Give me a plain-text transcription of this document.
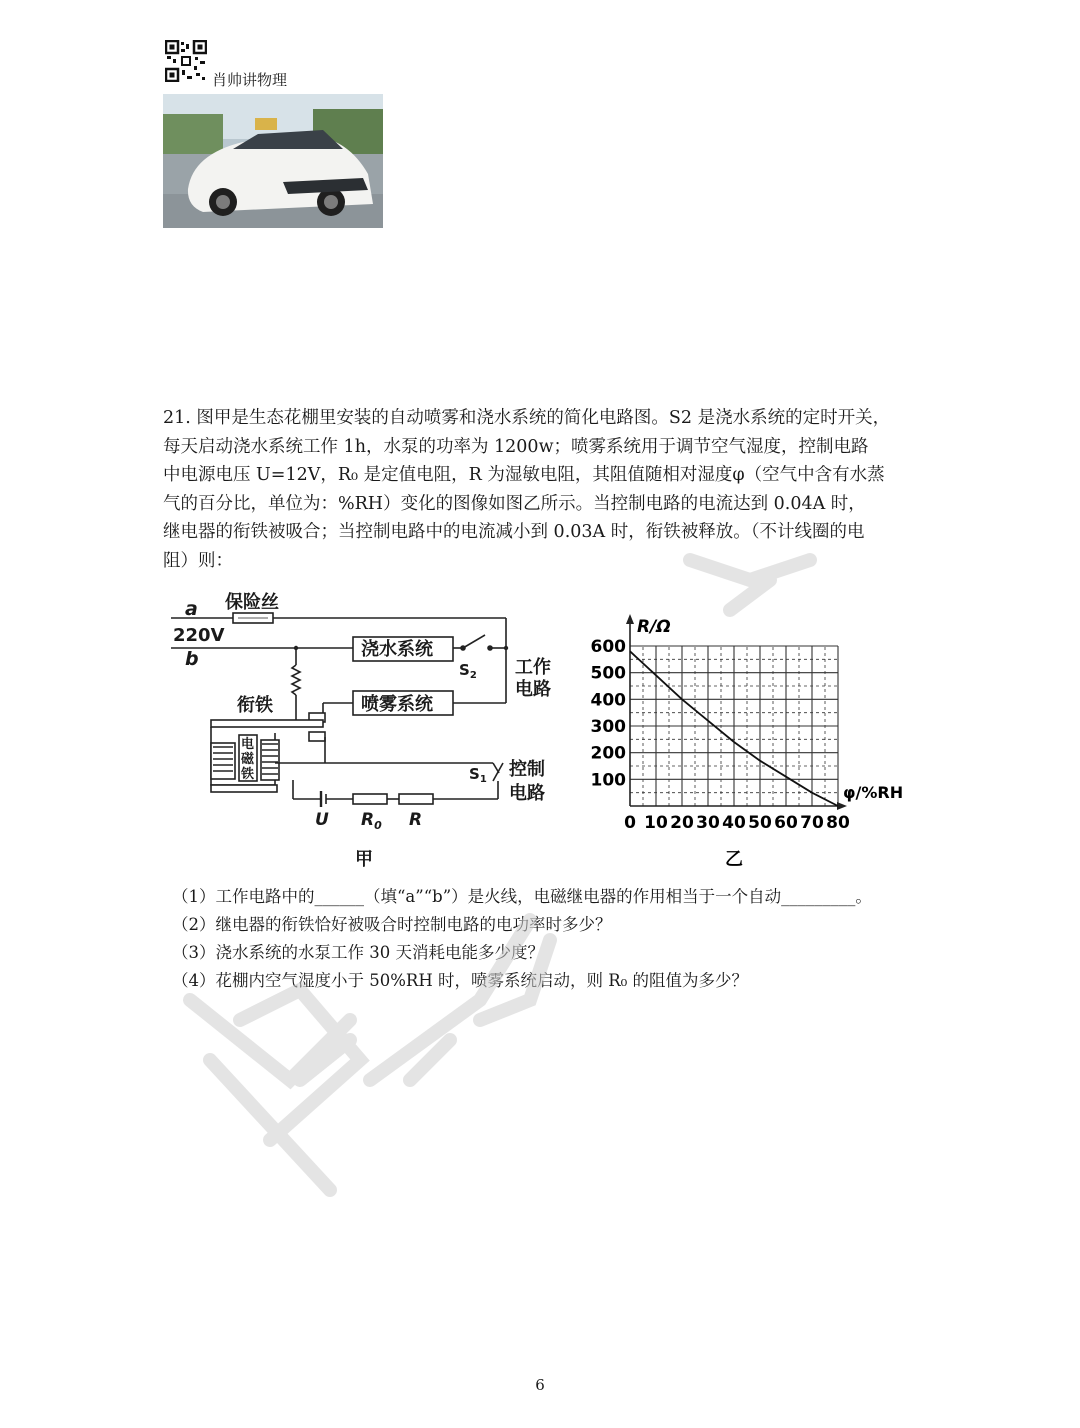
肖帅讲物理
21. 图甲是生态花棚里安装的自动喷雾和浇水系统的简化电路图。S2 是浇水系统的定时开关，
每天启动浇水系统工作 1h，水泵的功率为 1200w；喷雾系统用于调节空气湿度，控制电路
中电源电压 U=12V，R₀ 是定值电阻，R 为湿敏电阻，其阻值随相对湿度φ（空气中含有水蒸
气的百分比，单位为：%RH）变化的图像如图乙所示。当控制电路的电流达到 0.04A 时，
继电器的衔铁被吸合；当控制电路中的电流减小到 0.03A 时，衔铁被释放。（不计线圈的电
阻）则：
a 保险丝
220V
b	浇水系统
$S_2$ 工作
电路
衔铁	喷雾系统
电
磁
铁	$S_1$ 控制
电路
U $R_0$ R
甲
0 10 20 30 40 50 60 70 80
100
200
300
400
500
600
R/Ω
φ/%RH
乙
（1）工作电路中的______（填“a”“b”）是火线，电磁继电器的作用相当于一个自动_________。
（2）继电器的衔铁恰好被吸合时控制电路的电功率时多少？
（3）浇水系统的水泵工作 30 天消耗电能多少度？
（4）花棚内空气湿度小于 50%RH 时，喷雾系统启动，则 R₀ 的阻值为多少？
6
